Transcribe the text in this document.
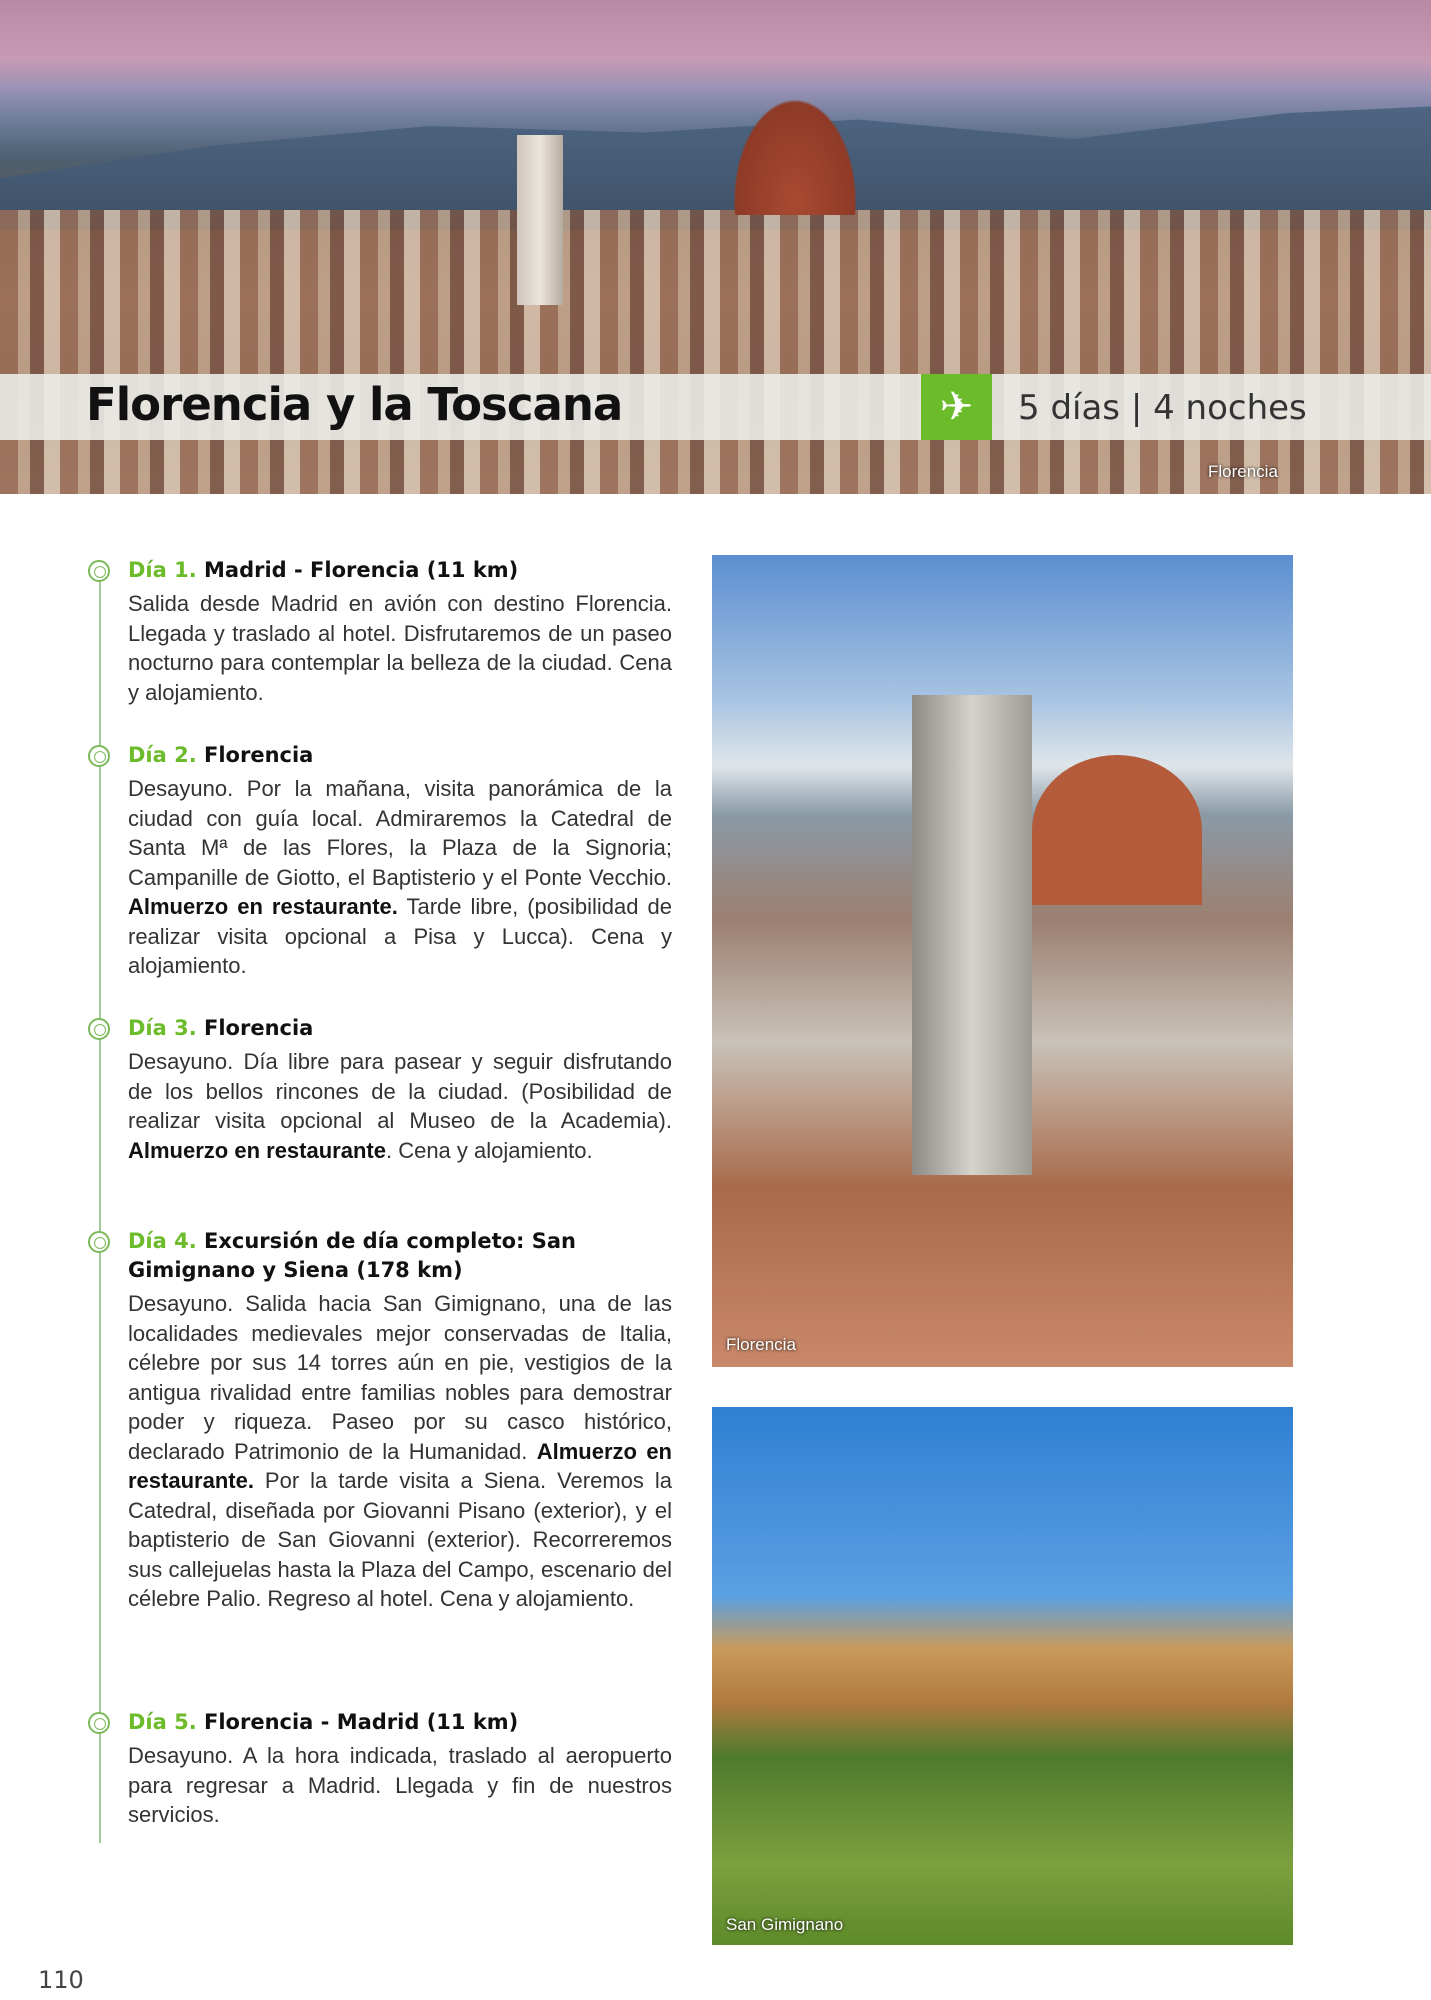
Florencia y la Toscana	✈	5 días | 4 noches
Florencia
Día 1. Madrid - Florencia (11 km)
Salida desde Madrid en avión con destino Florencia. Llegada y traslado al hotel. Disfrutaremos de un paseo nocturno para contemplar la belleza de la ciudad. Cena y alojamiento.
Día 2. Florencia
Desayuno. Por la mañana, visita panorámica de la ciudad con guía local. Admiraremos la Catedral de Santa Mª de las Flores, la Plaza de la Signoria; Campanille de Giotto, el Baptisterio y el Ponte Vecchio. Almuerzo en restaurante. Tarde libre, (posibilidad de realizar visita opcional a Pisa y Lucca). Cena y alojamiento.
Día 3. Florencia
Desayuno. Día libre para pasear y seguir disfrutando de los bellos rincones de la ciudad. (Posibilidad de realizar visita opcional al Museo de la Academia). Almuerzo en restaurante. Cena y alojamiento.
Día 4. Excursión de día completo: San Gimignano y Siena (178 km)
Desayuno. Salida hacia San Gimignano, una de las localidades medievales mejor conservadas de Italia, célebre por sus 14 torres aún en pie, vestigios de la antigua rivalidad entre familias nobles para demostrar poder y riqueza. Paseo por su casco histórico, declarado Patrimonio de la Humanidad. Almuerzo en restaurante. Por la tarde visita a Siena. Veremos la Catedral, diseñada por Giovanni Pisano (exterior), y el baptisterio de San Giovanni (exterior). Recorreremos sus callejuelas hasta la Plaza del Campo, escenario del célebre Palio. Regreso al hotel. Cena y alojamiento.
Día 5. Florencia - Madrid (11 km)
Desayuno. A la hora indicada, traslado al aeropuerto para regresar a Madrid. Llegada y fin de nuestros servicios.
Florencia
San Gimignano
110
